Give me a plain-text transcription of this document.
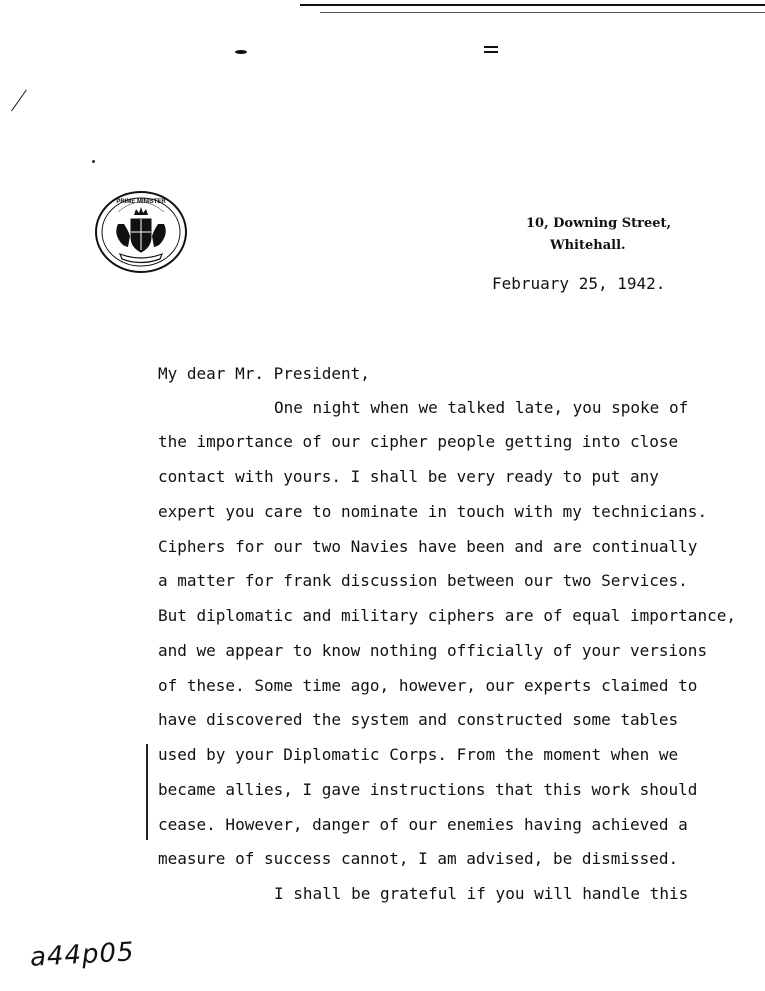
PRIME MINISTER
10, Downing Street,
Whitehall.
February 25, 1942.
My dear Mr. President,
One night when we talked late, you spoke of
the importance of our cipher people getting into close
contact with yours. I shall be very ready to put any
expert you care to nominate in touch with my technicians.
Ciphers for our two Navies have been and are continually
a matter for frank discussion between our two Services.
But diplomatic and military ciphers are of equal importance,
and we appear to know nothing officially of your versions
of these. Some time ago, however, our experts claimed to
have discovered the system and constructed some tables
used by your Diplomatic Corps. From the moment when we
became allies, I gave instructions that this work should
cease. However, danger of our enemies having achieved a
measure of success cannot, I am advised, be dismissed.
I shall be grateful if you will handle this
a44p05
